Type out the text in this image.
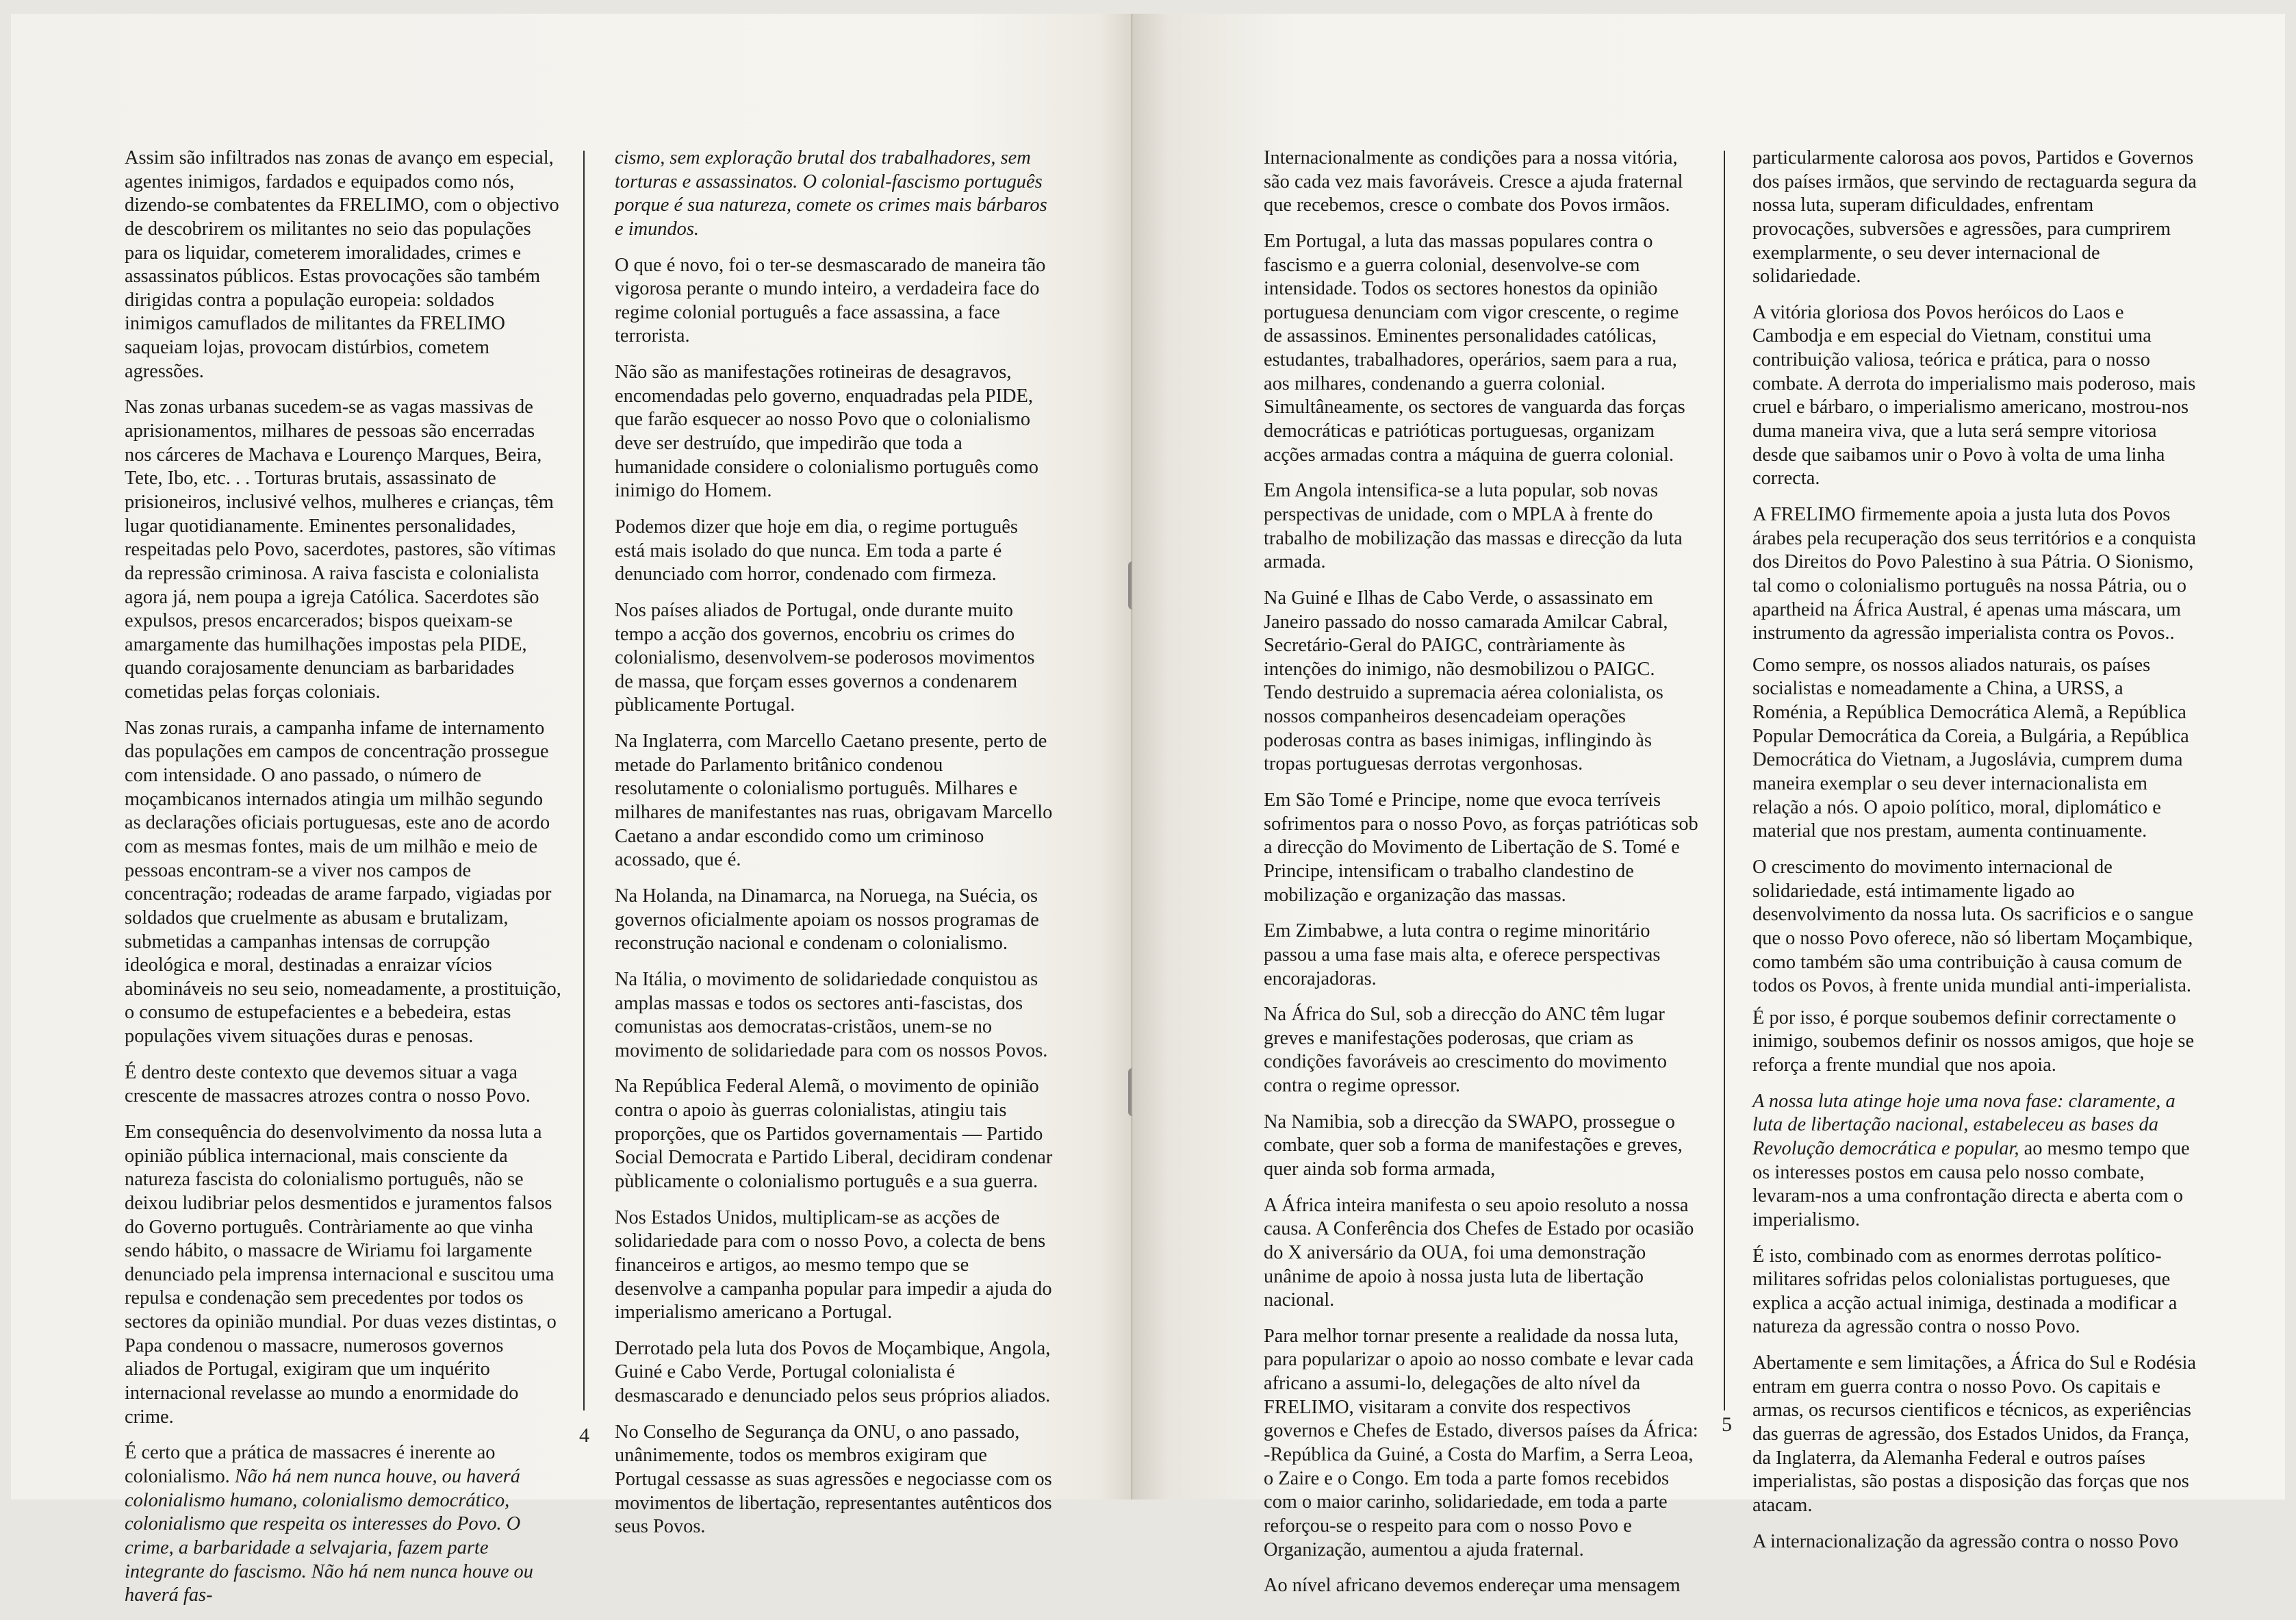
Assim são infiltrados nas zonas de avanço em especial, agentes inimigos, fardados e equipados como nós, dizendo-se combatentes da FRELIMO, com o objectivo de descobrirem os militantes no seio das populações para os liquidar, cometerem imoralidades, crimes e assassinatos públicos. Estas provocações são também dirigidas contra a população europeia: soldados inimigos camuflados de militantes da FRELIMO saqueiam lojas, provocam distúrbios, cometem agressões.

Nas zonas urbanas sucedem-se as vagas massivas de aprisionamentos, milhares de pessoas são encerradas nos cárceres de Machava e Lourenço Marques, Beira, Tete, Ibo, etc. . . Torturas brutais, assassinato de prisioneiros, inclusivé velhos, mulheres e crianças, têm lugar quotidianamente. Eminentes personalidades, respeitadas pelo Povo, sacerdotes, pastores, são vítimas da repressão criminosa. A raiva fascista e colonialista agora já, nem poupa a igreja Católica. Sacerdotes são expulsos, presos encarcerados; bispos queixam-se amargamente das humilhações impostas pela PIDE, quando corajosamente denunciam as barbaridades cometidas pelas forças coloniais.

Nas zonas rurais, a campanha infame de internamento das populações em campos de concentração prossegue com intensidade. O ano passado, o número de moçambicanos internados atingia um milhão segundo as declarações oficiais portuguesas, este ano de acordo com as mesmas fontes, mais de um milhão e meio de pessoas encontram-se a viver nos campos de concentração; rodeadas de arame farpado, vigiadas por soldados que cruelmente as abusam e brutalizam, submetidas a campanhas intensas de corrupção ideológica e moral, destinadas a enraizar vícios abomináveis no seu seio, nomeadamente, a prostituição, o consumo de estupefacientes e a bebedeira, estas populações vivem situações duras e penosas.

É dentro deste contexto que devemos situar a vaga crescente de massacres atrozes contra o nosso Povo.

Em consequência do desenvolvimento da nossa luta a opinião pública internacional, mais consciente da natureza fascista do colonialismo português, não se deixou ludibriar pelos desmentidos e juramentos falsos do Governo português. Contràriamente ao que vinha sendo hábito, o massacre de Wiriamu foi largamente denunciado pela imprensa internacional e suscitou uma repulsa e condenação sem precedentes por todos os sectores da opinião mundial. Por duas vezes distintas, o Papa condenou o massacre, numerosos governos aliados de Portugal, exigiram que um inquérito internacional revelasse ao mundo a enormidade do crime.

É certo que a prática de massacres é inerente ao colonialismo. Não há nem nunca houve, ou haverá colonialismo humano, colonialismo democrático, colonialismo que respeita os interesses do Povo. O crime, a barbaridade a selvajaria, fazem parte integrante do fascismo. Não há nem nunca houve ou haverá fas-

cismo, sem exploração brutal dos trabalhadores, sem torturas e assassinatos. O colonial-fascismo português porque é sua natureza, comete os crimes mais bárbaros e imundos.

O que é novo, foi o ter-se desmascarado de maneira tão vigorosa perante o mundo inteiro, a verdadeira face do regime colonial português a face assassina, a face terrorista.

Não são as manifestações rotineiras de desagravos, encomendadas pelo governo, enquadradas pela PIDE, que farão esquecer ao nosso Povo que o colonialismo deve ser destruído, que impedirão que toda a humanidade considere o colonialismo português como inimigo do Homem.

Podemos dizer que hoje em dia, o regime português está mais isolado do que nunca. Em toda a parte é denunciado com horror, condenado com firmeza.

Nos países aliados de Portugal, onde durante muito tempo a acção dos governos, encobriu os crimes do colonialismo, desenvolvem-se poderosos movimentos de massa, que forçam esses governos a condenarem pùblicamente Portugal.

Na Inglaterra, com Marcello Caetano presente, perto de metade do Parlamento britânico condenou resolutamente o colonialismo português. Milhares e milhares de manifestantes nas ruas, obrigavam Marcello Caetano a andar escondido como um criminoso acossado, que é.

Na Holanda, na Dinamarca, na Noruega, na Suécia, os governos oficialmente apoiam os nossos programas de reconstrução nacional e condenam o colonialismo.

Na Itália, o movimento de solidariedade conquistou as amplas massas e todos os sectores anti-fascistas, dos comunistas aos democratas-cristãos, unem-se no movimento de solidariedade para com os nossos Povos.

Na República Federal Alemã, o movimento de opinião contra o apoio às guerras colonialistas, atingiu tais proporções, que os Partidos governamentais — Partido Social Democrata e Partido Liberal, decidiram condenar pùblicamente o colonialismo português e a sua guerra.

Nos Estados Unidos, multiplicam-se as acções de solidariedade para com o nosso Povo, a colecta de bens financeiros e artigos, ao mesmo tempo que se desenvolve a campanha popular para impedir a ajuda do imperialismo americano a Portugal.

Derrotado pela luta dos Povos de Moçambique, Angola, Guiné e Cabo Verde, Portugal colonialista é desmascarado e denunciado pelos seus próprios aliados.

No Conselho de Segurança da ONU, o ano passado, unânimemente, todos os membros exigiram que Portugal cessasse as suas agressões e negociasse com os movimentos de libertação, representantes autênticos dos seus Povos.

4

Internacionalmente as condições para a nossa vitória, são cada vez mais favoráveis. Cresce a ajuda fraternal que recebemos, cresce o combate dos Povos irmãos.

Em Portugal, a luta das massas populares contra o fascismo e a guerra colonial, desenvolve-se com intensidade. Todos os sectores honestos da opinião portuguesa denunciam com vigor crescente, o regime de assassinos. Eminentes personalidades católicas, estudantes, trabalhadores, operários, saem para a rua, aos milhares, condenando a guerra colonial. Simultâneamente, os sectores de vanguarda das forças democráticas e patrióticas portuguesas, organizam acções armadas contra a máquina de guerra colonial.

Em Angola intensifica-se a luta popular, sob novas perspectivas de unidade, com o MPLA à frente do trabalho de mobilização das massas e direcção da luta armada.

Na Guiné e Ilhas de Cabo Verde, o assassinato em Janeiro passado do nosso camarada Amilcar Cabral, Secretário-Geral do PAIGC, contràriamente às intenções do inimigo, não desmobilizou o PAIGC. Tendo destruido a supremacia aérea colonialista, os nossos companheiros desencadeiam operações poderosas contra as bases inimigas, inflingindo às tropas portuguesas derrotas vergonhosas.

Em São Tomé e Principe, nome que evoca terríveis sofrimentos para o nosso Povo, as forças patrióticas sob a direcção do Movimento de Libertação de S. Tomé e Principe, intensificam o trabalho clandestino de mobilização e organização das massas.

Em Zimbabwe, a luta contra o regime minoritário passou a uma fase mais alta, e oferece perspectivas encorajadoras.

Na África do Sul, sob a direcção do ANC têm lugar greves e manifestações poderosas, que criam as condições favoráveis ao crescimento do movimento contra o regime opressor.

Na Namibia, sob a direcção da SWAPO, prossegue o combate, quer sob a forma de manifestações e greves, quer ainda sob forma armada,

A África inteira manifesta o seu apoio resoluto a nossa causa. A Conferência dos Chefes de Estado por ocasião do X aniversário da OUA, foi uma demonstração unânime de apoio à nossa justa luta de libertação nacional.

Para melhor tornar presente a realidade da nossa luta, para popularizar o apoio ao nosso combate e levar cada africano a assumi-lo, delegações de alto nível da FRELIMO, visitaram a convite dos respectivos governos e Chefes de Estado, diversos países da África: -República da Guiné, a Costa do Marfim, a Serra Leoa, o Zaire e o Congo. Em toda a parte fomos recebidos com o maior carinho, solidariedade, em toda a parte reforçou-se o respeito para com o nosso Povo e Organização, aumentou a ajuda fraternal.

Ao nível africano devemos endereçar uma mensagem

particularmente calorosa aos povos, Partidos e Governos dos países irmãos, que servindo de rectaguarda segura da nossa luta, superam dificuldades, enfrentam provocações, subversões e agressões, para cumprirem exemplarmente, o seu dever internacional de solidariedade.

A vitória gloriosa dos Povos heróicos do Laos e Cambodja e em especial do Vietnam, constitui uma contribuição valiosa, teórica e prática, para o nosso combate. A derrota do imperialismo mais poderoso, mais cruel e bárbaro, o imperialismo americano, mostrou-nos duma maneira viva, que a luta será sempre vitoriosa desde que saibamos unir o Povo à volta de uma linha correcta.

A FRELIMO firmemente apoia a justa luta dos Povos árabes pela recuperação dos seus territórios e a conquista dos Direitos do Povo Palestino à sua Pátria. O Sionismo, tal como o colonialismo português na nossa Pátria, ou o apartheid na África Austral, é apenas uma máscara, um instrumento da agressão imperialista contra os Povos..

Como sempre, os nossos aliados naturais, os países socialistas e nomeadamente a China, a URSS, a Roménia, a República Democrática Alemã, a República Popular Democrática da Coreia, a Bulgária, a República Democrática do Vietnam, a Jugoslávia, cumprem duma maneira exemplar o seu dever internacionalista em relação a nós. O apoio político, moral, diplomático e material que nos prestam, aumenta continuamente.

O crescimento do movimento internacional de solidariedade, está intimamente ligado ao desenvolvimento da nossa luta. Os sacrificios e o sangue que o nosso Povo oferece, não só libertam Moçambique, como também são uma contribuição à causa comum de todos os Povos, à frente unida mundial anti-imperialista.

É por isso, é porque soubemos definir correctamente o inimigo, soubemos definir os nossos amigos, que hoje se reforça a frente mundial que nos apoia.

A nossa luta atinge hoje uma nova fase: claramente, a luta de libertação nacional, estabeleceu as bases da Revolução democrática e popular, ao mesmo tempo que os interesses postos em causa pelo nosso combate, levaram-nos a uma confrontação directa e aberta com o imperialismo.

É isto, combinado com as enormes derrotas político-militares sofridas pelos colonialistas portugueses, que explica a acção actual inimiga, destinada a modificar a natureza da agressão contra o nosso Povo.

Abertamente e sem limitações, a África do Sul e Rodésia entram em guerra contra o nosso Povo. Os capitais e armas, os recursos cientificos e técnicos, as experiências das guerras de agressão, dos Estados Unidos, da França, da Inglaterra, da Alemanha Federal e outros países imperialistas, são postas a disposição das forças que nos atacam.

A internacionalização da agressão contra o nosso Povo

5
